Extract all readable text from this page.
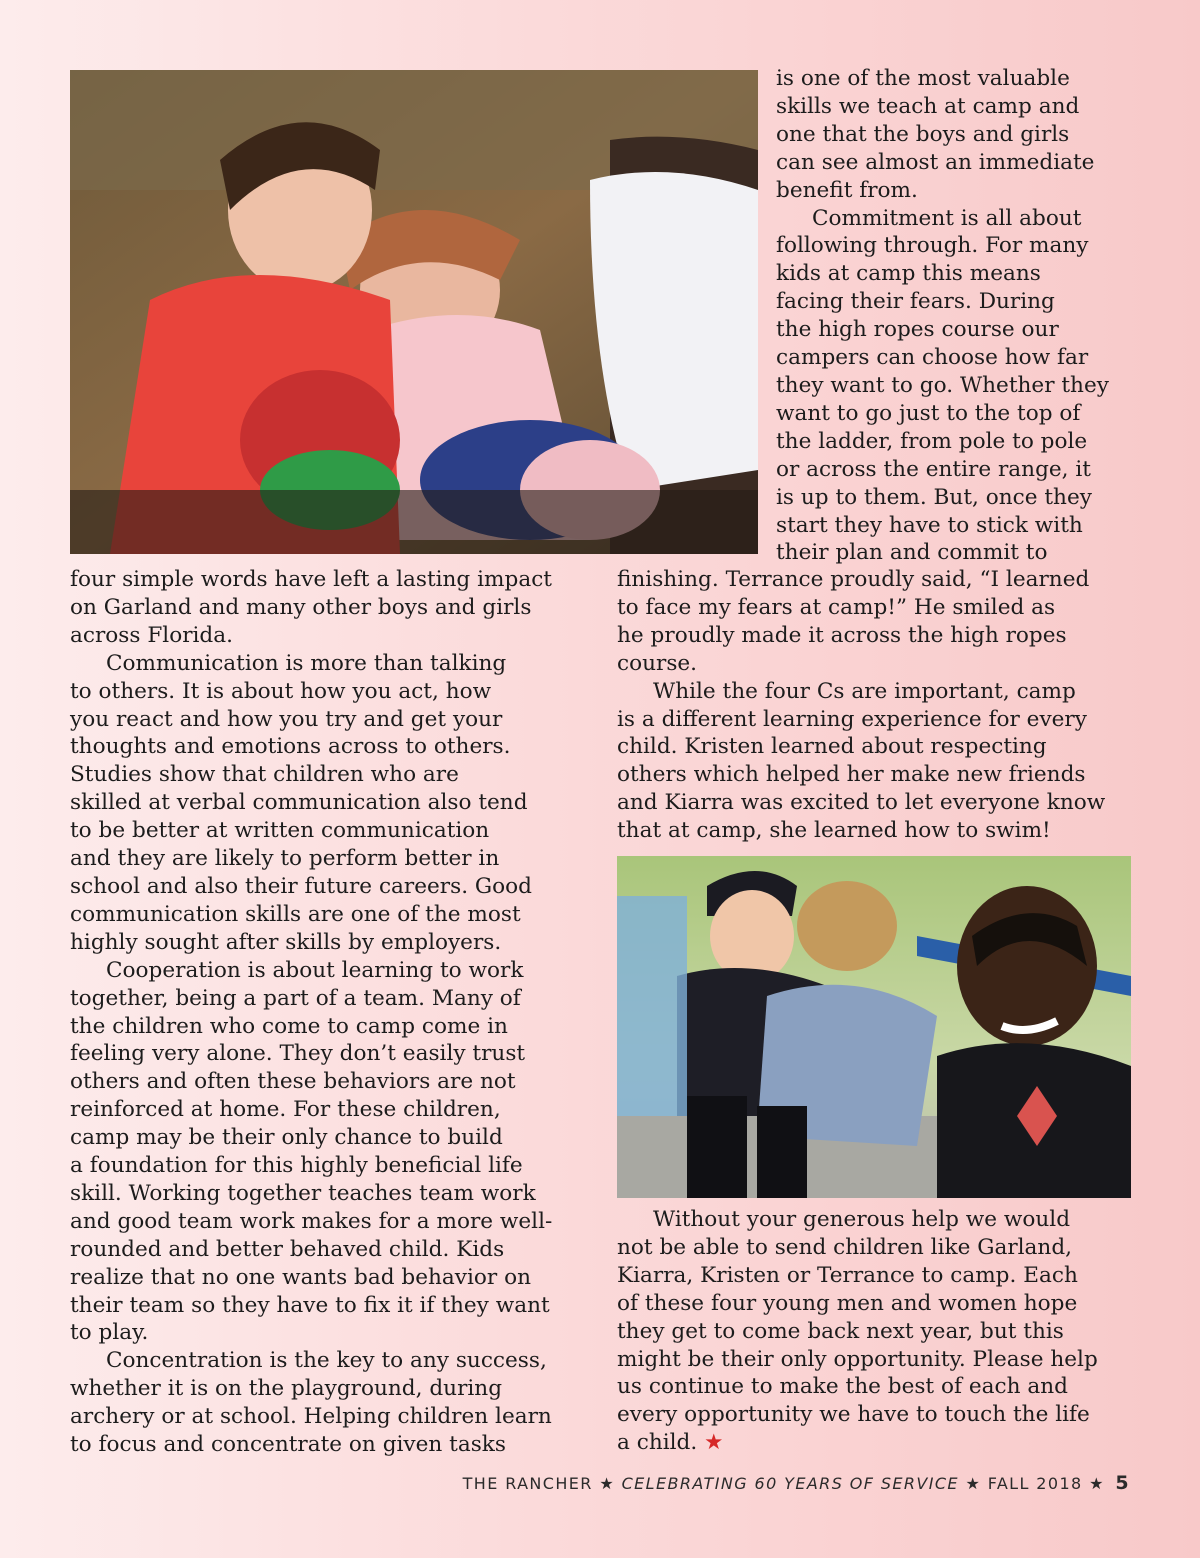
is one of the most valuable
skills we teach at camp and
one that the boys and girls
can see almost an immediate
benefit from.

Commitment is all about
following through. For many
kids at camp this means
facing their fears. During
the high ropes course our
campers can choose how far
they want to go. Whether they
want to go just to the top of
the ladder, from pole to pole
or across the entire range, it
is up to them. But, once they
start they have to stick with
their plan and commit to

four simple words have left a lasting impact
on Garland and many other boys and girls
across Florida.

Communication is more than talking
to others. It is about how you act, how
you react and how you try and get your
thoughts and emotions across to others.
Studies show that children who are
skilled at verbal communication also tend
to be better at written communication
and they are likely to perform better in
school and also their future careers. Good
communication skills are one of the most
highly sought after skills by employers.

Cooperation is about learning to work
together, being a part of a team. Many of
the children who come to camp come in
feeling very alone. They don’t easily trust
others and often these behaviors are not
reinforced at home. For these children,
camp may be their only chance to build
a foundation for this highly beneficial life
skill. Working together teaches team work
and good team work makes for a more well-
rounded and better behaved child. Kids
realize that no one wants bad behavior on
their team so they have to fix it if they want
to play.

Concentration is the key to any success,
whether it is on the playground, during
archery or at school. Helping children learn
to focus and concentrate on given tasks

finishing. Terrance proudly said, “I learned
to face my fears at camp!” He smiled as
he proudly made it across the high ropes
course.

While the four Cs are important, camp
is a different learning experience for every
child. Kristen learned about respecting
others which helped her make new friends
and Kiarra was excited to let everyone know
that at camp, she learned how to swim!

Without your generous help we would
not be able to send children like Garland,
Kiarra, Kristen or Terrance to camp. Each
of these four young men and women hope
they get to come back next year, but this
might be their only opportunity. Please help
us continue to make the best of each and
every opportunity we have to touch the life
a child. ★

THE RANCHER ★ CELEBRATING 60 YEARS OF SERVICE ★ FALL 2018 ★ 5
